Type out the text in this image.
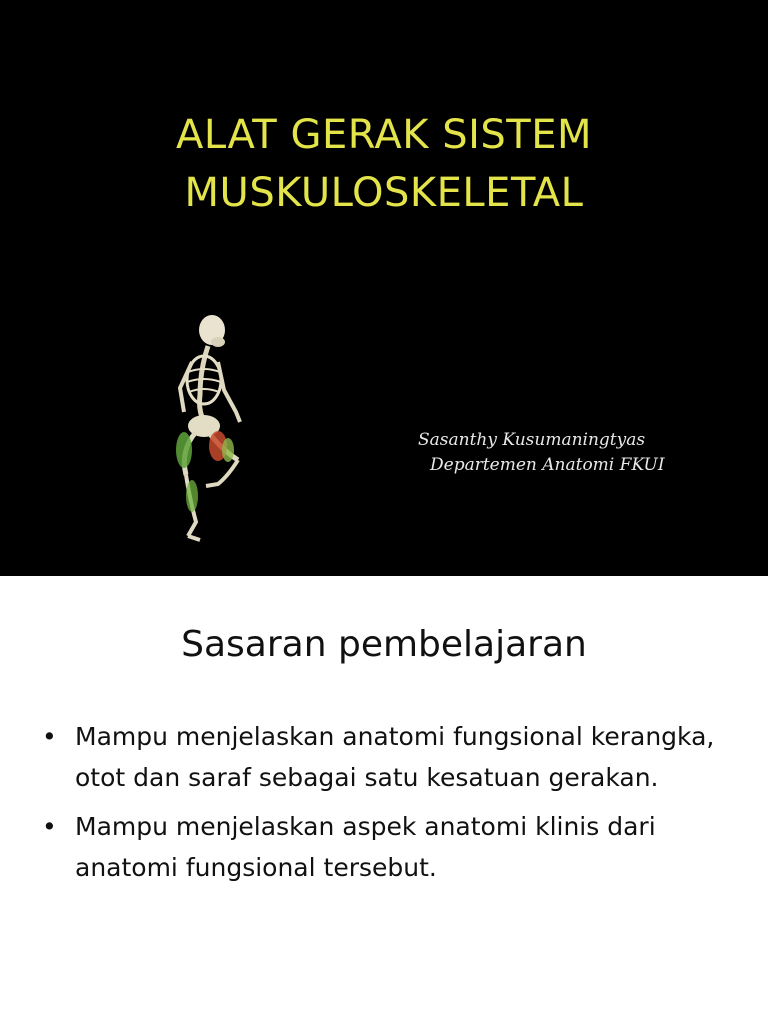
ALAT GERAK SISTEM
MUSKULOSKELETAL
Sasanthy Kusumaningtyas
Departemen Anatomi FKUI
Sasaran pembelajaran
• Mampu menjelaskan anatomi fungsional kerangka, otot dan saraf sebagai satu kesatuan gerakan.
• Mampu menjelaskan aspek anatomi klinis dari anatomi fungsional tersebut.
